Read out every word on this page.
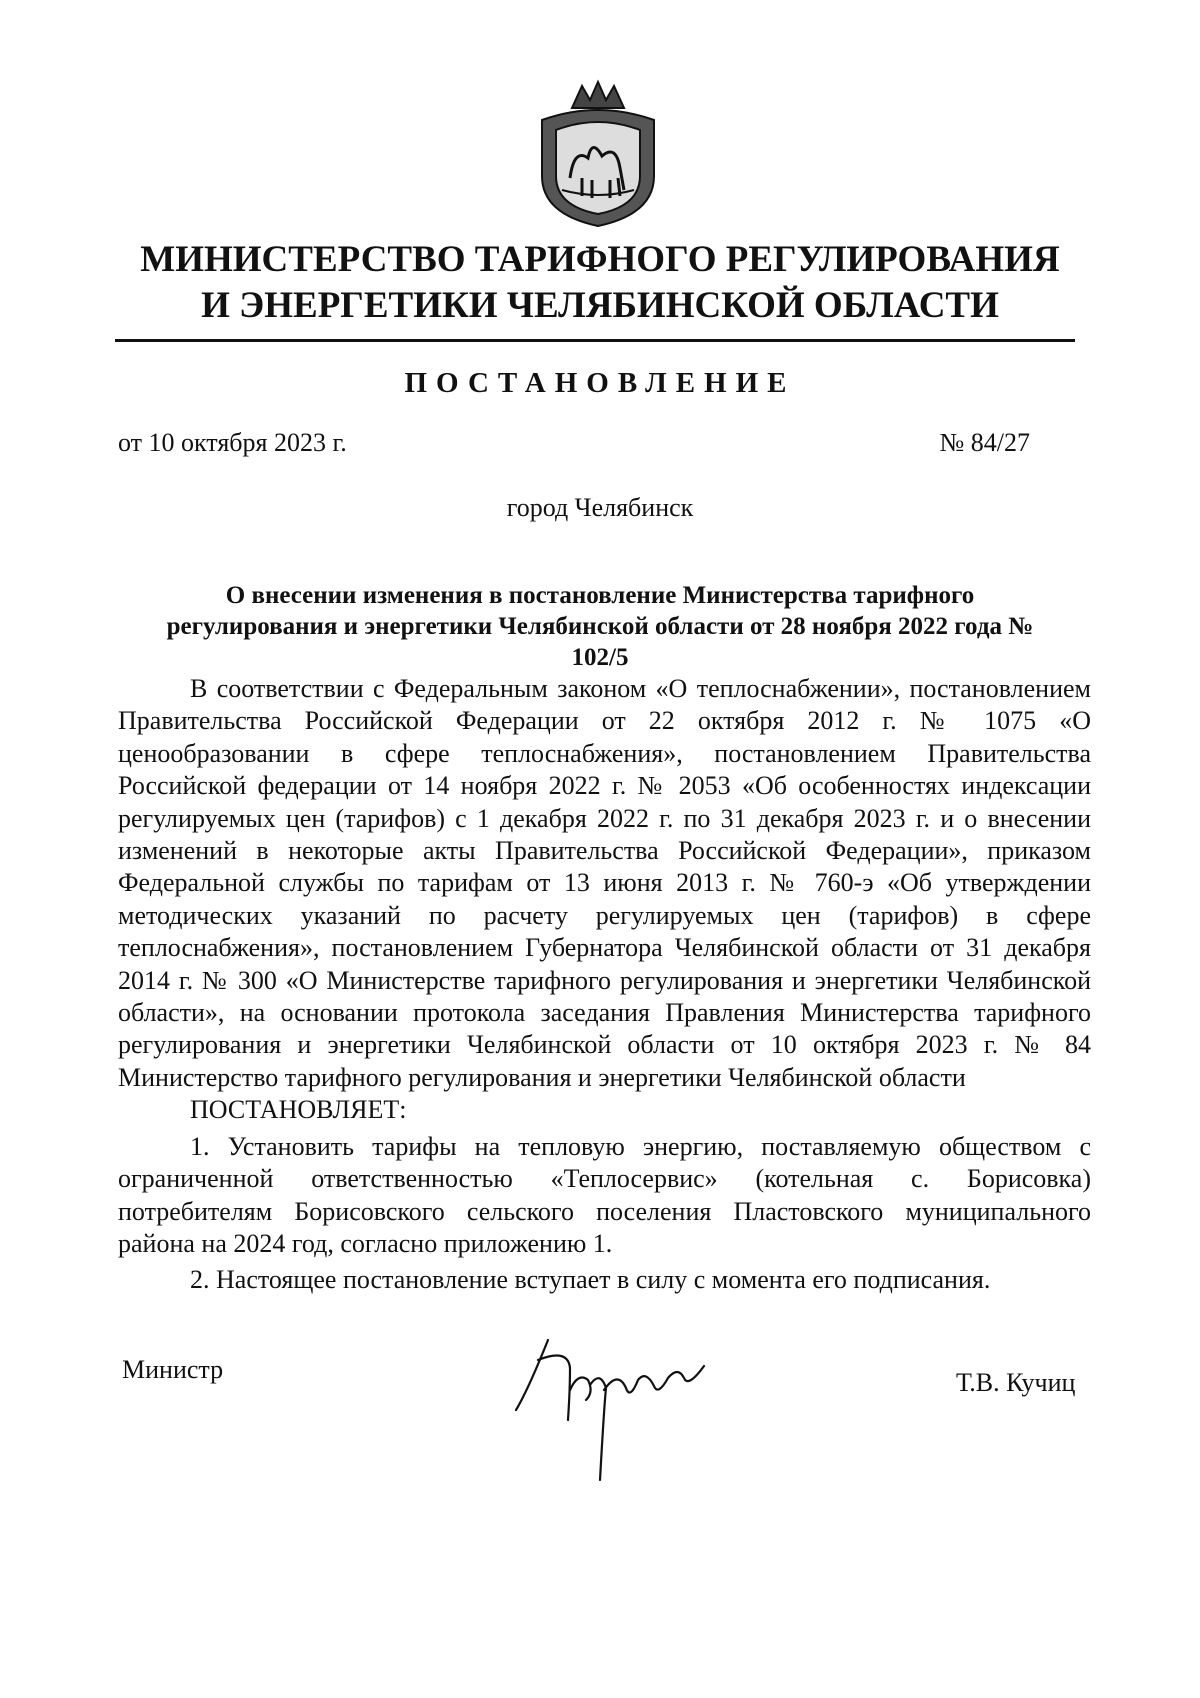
МИНИСТЕРСТВО ТАРИФНОГО РЕГУЛИРОВАНИЯ
И ЭНЕРГЕТИКИ ЧЕЛЯБИНСКОЙ ОБЛАСТИ
ПОСТАНОВЛЕНИЕ
от 10 октября 2023 г.	№ 84/27
город Челябинск
О внесении изменения в постановление Министерства тарифного регулирования и энергетики Челябинской области от 28 ноября 2022 года № 102/5

В соответствии с Федеральным законом «О теплоснабжении», постановлением Правительства Российской Федерации от 22 октября 2012 г. № 1075 «О ценообразовании в сфере теплоснабжения», постановлением Правительства Российской федерации от 14 ноября 2022 г. № 2053 «Об особенностях индексации регулируемых цен (тарифов) с 1 декабря 2022 г. по 31 декабря 2023 г. и о внесении изменений в некоторые акты Правительства Российской Федерации», приказом Федеральной службы по тарифам от 13 июня 2013 г. № 760-э «Об утверждении методических указаний по расчету регулируемых цен (тарифов) в сфере теплоснабжения», постановлением Губернатора Челябинской области от 31 декабря 2014 г. № 300 «О Министерстве тарифного регулирования и энергетики Челябинской области», на основании протокола заседания Правления Министерства тарифного регулирования и энергетики Челябинской области от 10 октября 2023 г. № 84 Министерство тарифного регулирования и энергетики Челябинской области

ПОСТАНОВЛЯЕТ:

1. Установить тарифы на тепловую энергию, поставляемую обществом с ограниченной ответственностью «Теплосервис» (котельная с. Борисовка) потребителям Борисовского сельского поселения Пластовского муниципального района на 2024 год, согласно приложению 1.

2. Настоящее постановление вступает в силу с момента его подписания.

Министр	Т.В. Кучиц
